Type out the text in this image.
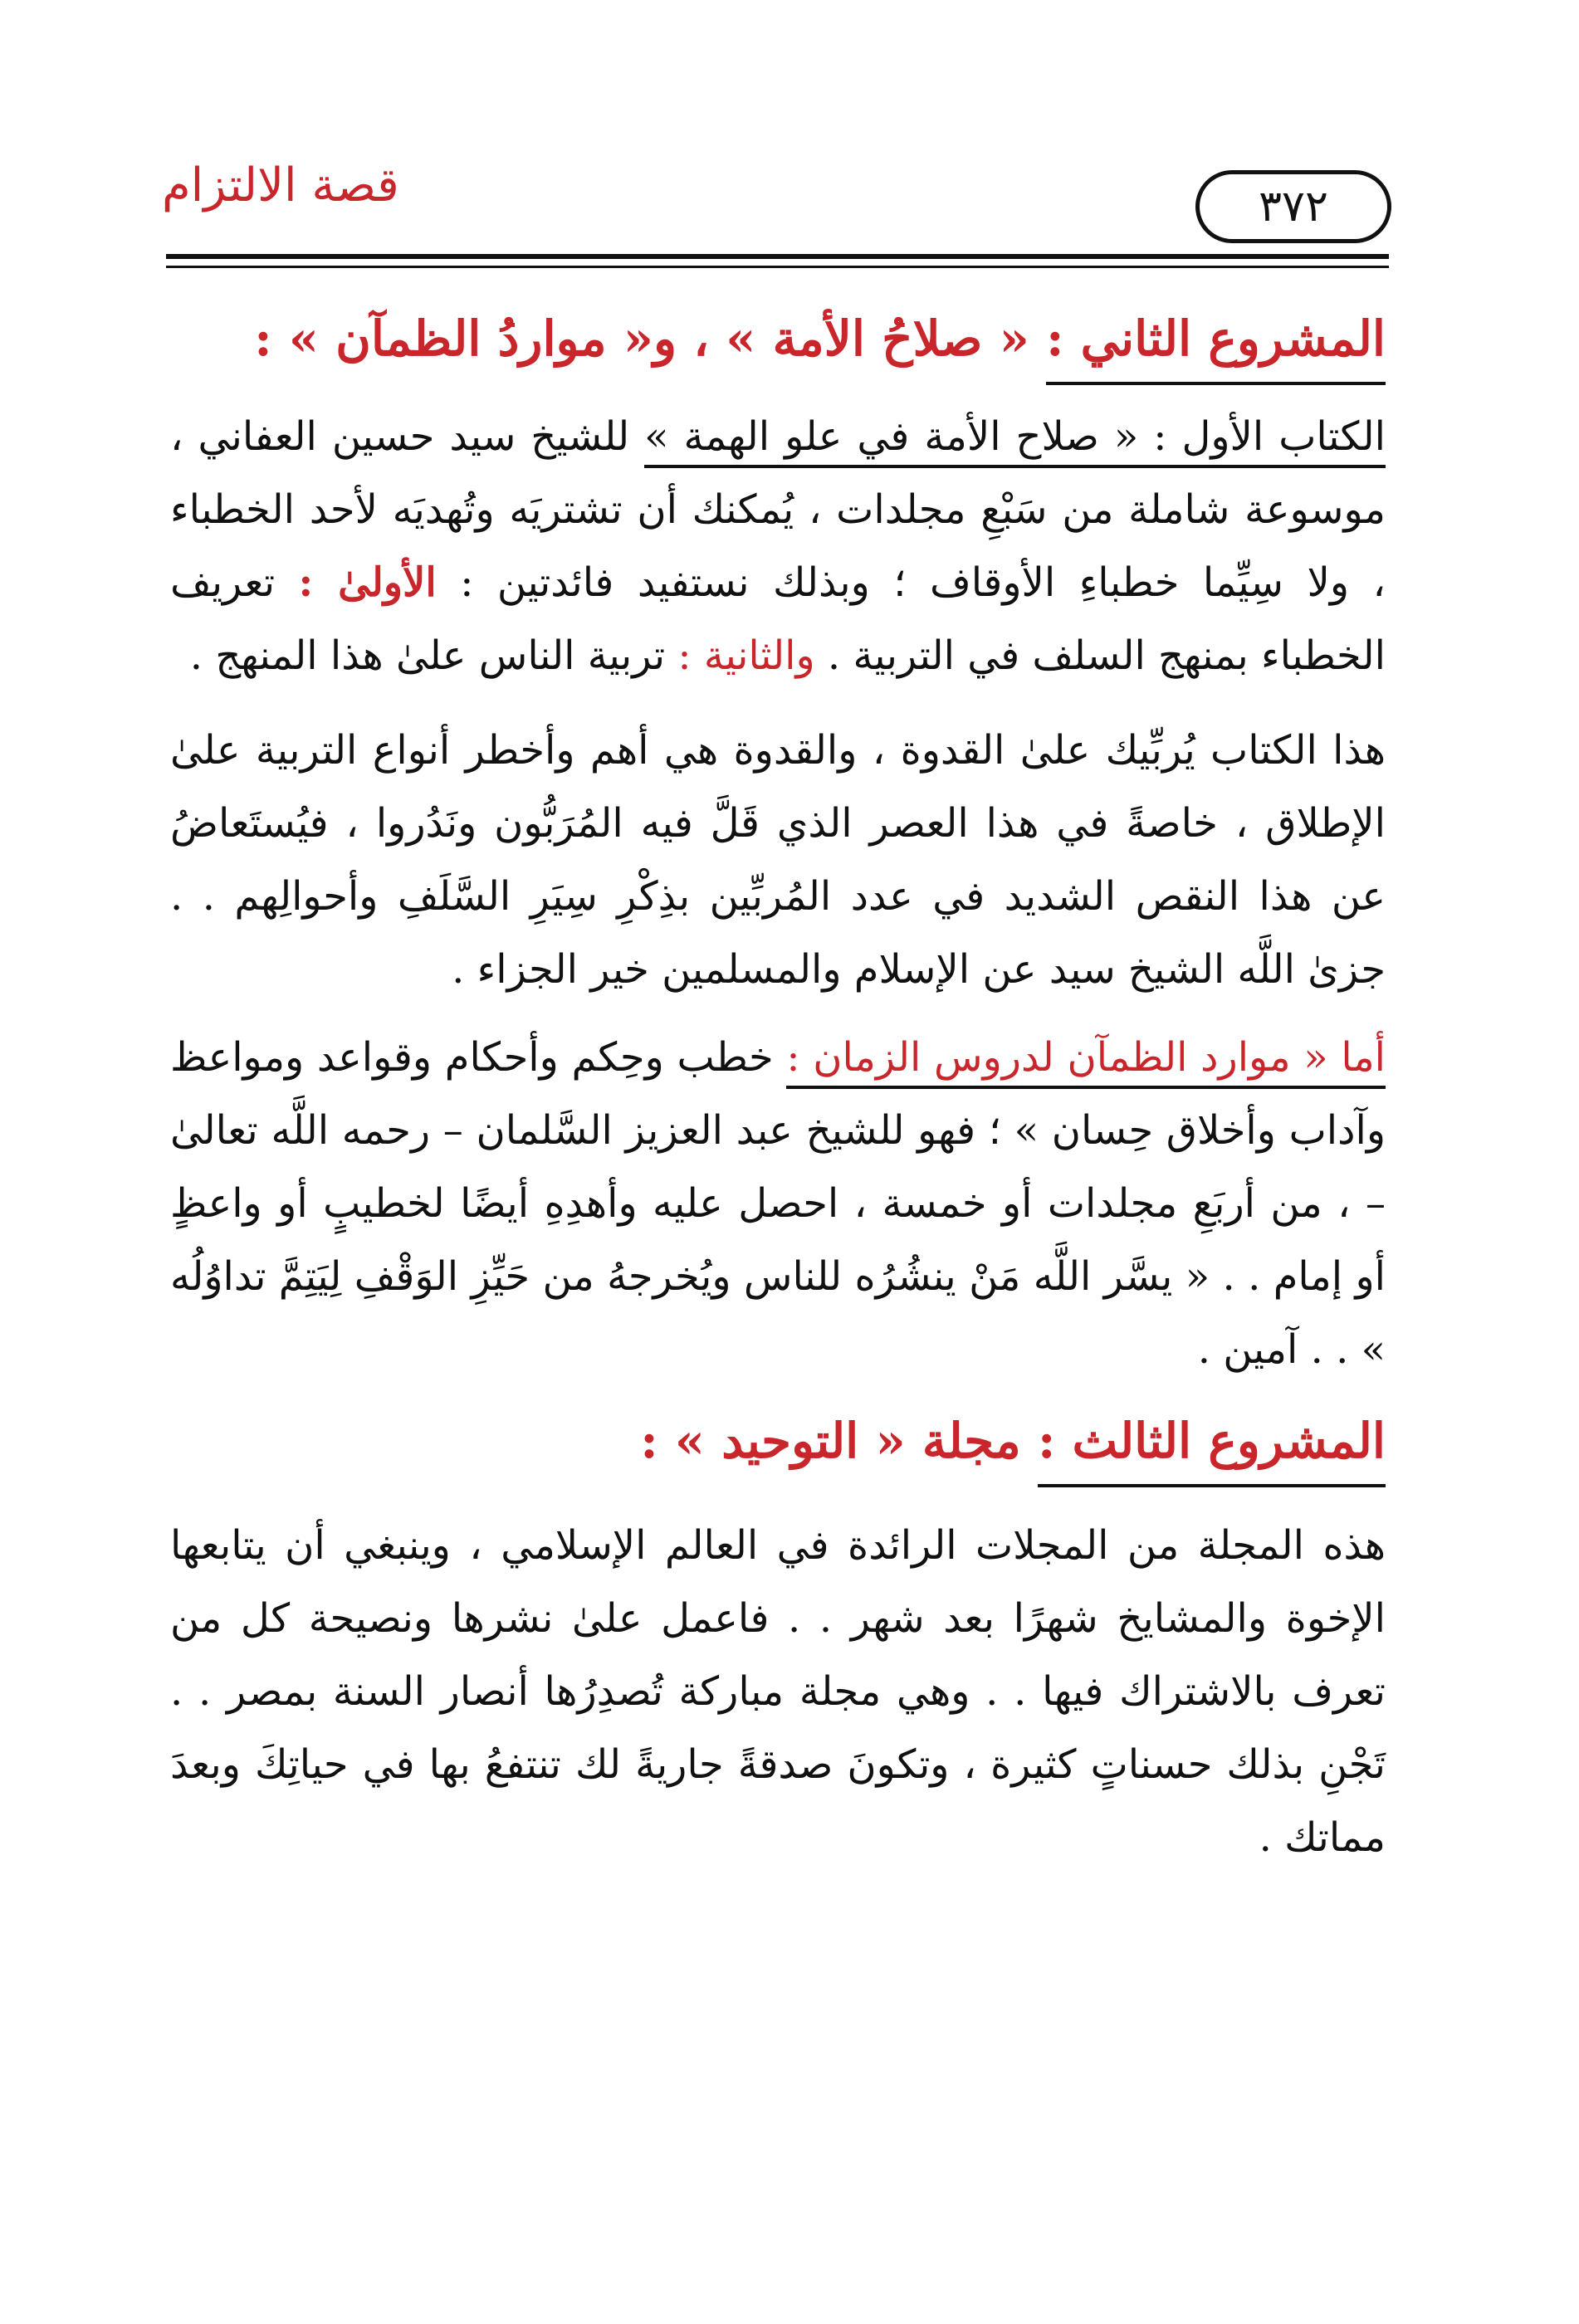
قصة الالتزام	٣٧٢

المشروع الثاني : « صلاحُ الأمة » ، و« مواردُ الظمآن » :

الكتاب الأول : « صلاح الأمة في علو الهمة » للشيخ سيد حسين العفاني ، موسوعة شاملة من سَبْعِ مجلدات ، يُمكنك أن تشتريَه وتُهديَه لأحد الخطباء ، ولا سِيِّما خطباءِ الأوقاف ؛ وبذلك نستفيد فائدتين : الأولىٰ : تعريف الخطباء بمنهج السلف في التربية . والثانية : تربية الناس علىٰ هذا المنهج .

هذا الكتاب يُربِّيك علىٰ القدوة ، والقدوة هي أهم وأخطر أنواع التربية علىٰ الإطلاق ، خاصةً في هذا العصر الذي قَلَّ فيه المُرَبُّون ونَدُروا ، فيُستَعاضُ عن هذا النقص الشديد في عدد المُربِّين بذِكْرِ سِيَرِ السَّلَفِ وأحوالِهم . . جزىٰ اللَّه الشيخ سيد عن الإسلام والمسلمين خير الجزاء .

أما « موارد الظمآن لدروس الزمان : خطب وحِكم وأحكام وقواعد ومواعظ وآداب وأخلاق حِسان » ؛ فهو للشيخ عبد العزيز السَّلمان – رحمه اللَّه تعالىٰ – ، من أربَعِ مجلدات أو خمسة ، احصل عليه وأهدِهِ أيضًا لخطيبٍ أو واعظٍ أو إمام . . « يسَّر اللَّه مَنْ ينشُرُه للناس ويُخرجهُ من حَيِّزِ الوَقْفِ لِيَتِمَّ تداوُلُه » . . آمين .

المشروع الثالث : مجلة « التوحيد » :

هذه المجلة من المجلات الرائدة في العالم الإسلامي ، وينبغي أن يتابعها الإخوة والمشايخ شهرًا بعد شهر . . فاعمل علىٰ نشرها ونصيحة كل من تعرف بالاشتراك فيها . . وهي مجلة مباركة تُصدِرُها أنصار السنة بمصر . . تَجْنِ بذلك حسناتٍ كثيرة ، وتكونَ صدقةً جاريةً لك تنتفعُ بها في حياتِكَ وبعدَ مماتك .
